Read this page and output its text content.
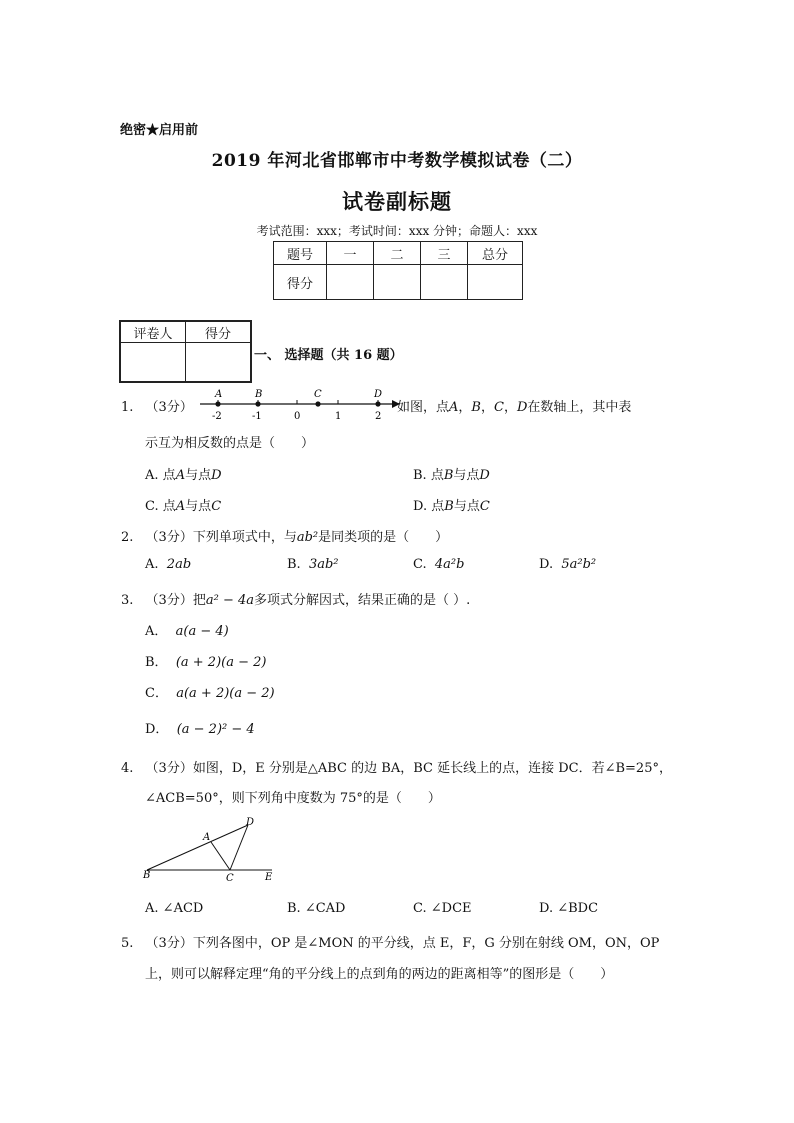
绝密★启用前
2019 年河北省邯郸市中考数学模拟试卷（二）
试卷副标题
考试范围：xxx；考试时间：xxx 分钟；命题人：xxx
题号	一	二	三	总分
得分				
评卷人	得分

一、 选择题（共 16 题）
1. （3分）
A	B	C	D
-2	-1	0	1	2
如图，点A，B，C，D在数轴上，其中表
示互为相反数的点是（　　）
A. 点A与点D	B. 点B与点D
C. 点A与点C	D. 点B与点C
2. （3分）下列单项式中，与ab²是同类项的是（　　）
A. 2ab	B. 3ab²	C. 4a²b	D. 5a²b²
3. （3分）把a² − 4a多项式分解因式，结果正确的是（ ）.
A． a(a − 4)
B． (a + 2)(a − 2)
C． a(a + 2)(a − 2)
D． (a − 2)² − 4
4. （3分）如图，D，E 分别是△ABC 的边 BA，BC 延长线上的点，连接 DC．若∠B=25°，
∠ACB=50°，则下列角中度数为 75°的是（　　）
A
D
B	C	E
A. ∠ACD	B. ∠CAD	C. ∠DCE	D. ∠BDC
5. （3分）下列各图中，OP 是∠MON 的平分线，点 E，F，G 分别在射线 OM，ON，OP
上，则可以解释定理“角的平分线上的点到角的两边的距离相等”的图形是（　　）
